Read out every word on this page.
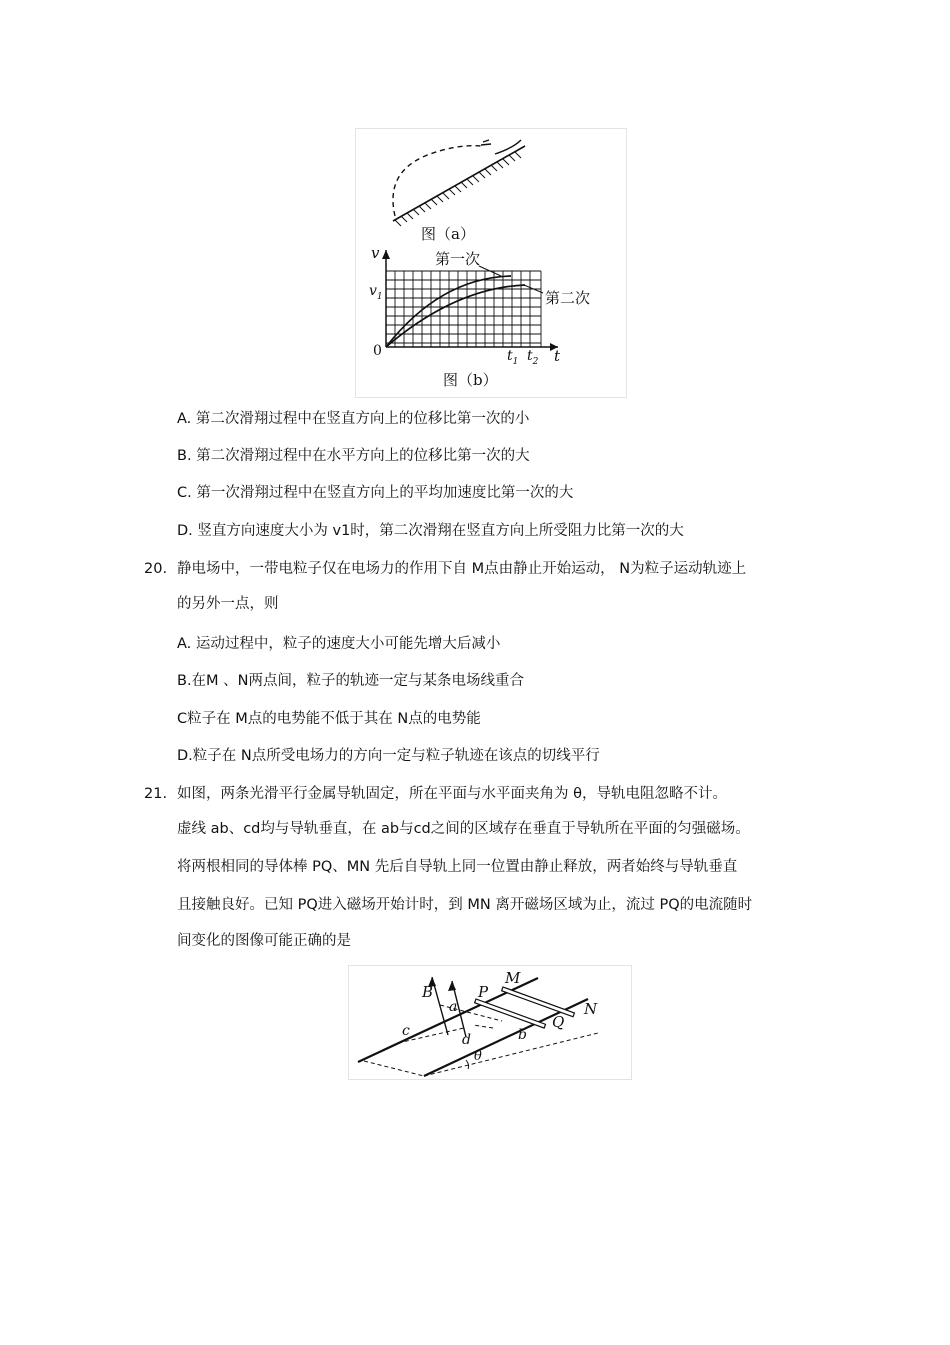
图（a）
v
$v_1$
0
第一次
第二次
$t_1$ $t_2$ t
图（b）
A. 第二次滑翔过程中在竖直方向上的位移比第一次的小
B. 第二次滑翔过程中在水平方向上的位移比第一次的大
C. 第一次滑翔过程中在竖直方向上的平均加速度比第一次的大
D. 竖直方向速度大小为 v1时，第二次滑翔在竖直方向上所受阻力比第一次的大
20. 静电场中，一带电粒子仅在电场力的作用下自 M点由静止开始运动， N为粒子运动轨迹上
的另外一点，则
A. 运动过程中，粒子的速度大小可能先增大后减小
B.在M 、N两点间，粒子的轨迹一定与某条电场线重合
C粒子在 M点的电势能不低于其在 N点的电势能
D.粒子在 N点所受电场力的方向一定与粒子轨迹在该点的切线平行
21. 如图，两条光滑平行金属导轨固定，所在平面与水平面夹角为 θ，导轨电阻忽略不计。
虚线 ab、cd均与导轨垂直，在 ab与cd之间的区域存在垂直于导轨所在平面的匀强磁场。
将两根相同的导体棒 PQ、MN 先后自导轨上同一位置由静止释放，两者始终与导轨垂直
且接触良好。已知 PQ进入磁场开始计时，到 MN 离开磁场区域为止，流过 PQ的电流随时
间变化的图像可能正确的是
B
a
P
M
N
Q
c
d	b
θ
